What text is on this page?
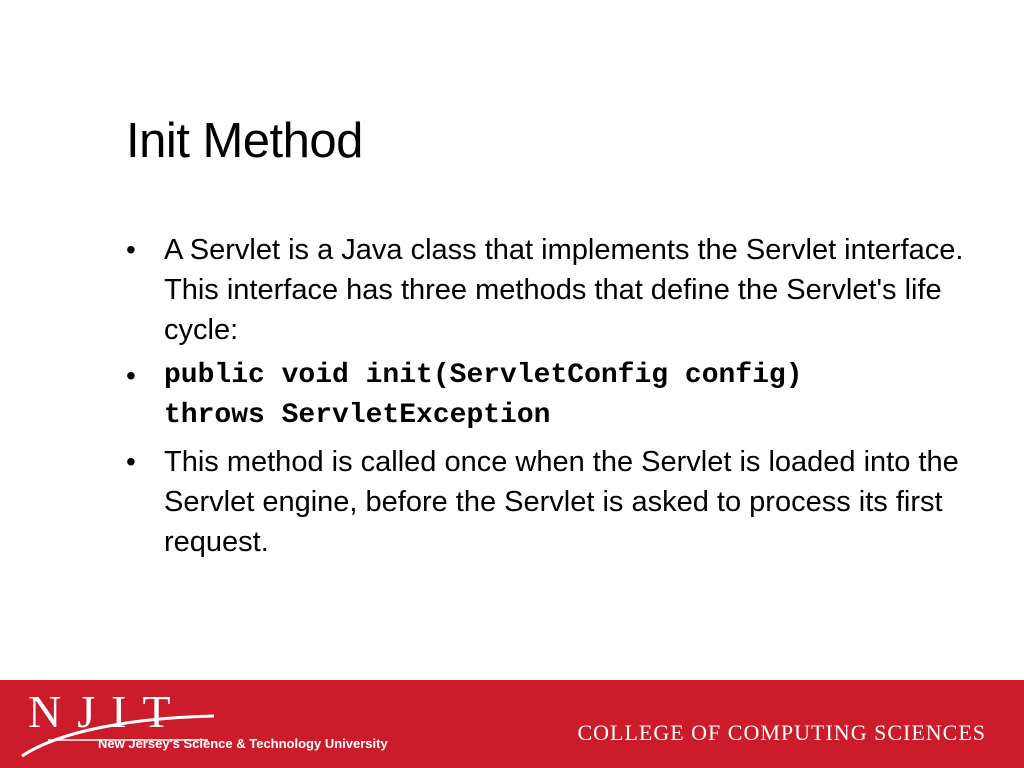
Init Method
• A Servlet is a Java class that implements the Servlet interface. This interface has three methods that define the Servlet's life cycle:
•	public void init(ServletConfig config)
throws ServletException
• This method is called once when the Servlet is loaded into the Servlet engine, before the Servlet is asked to process its first request.
NJIT
New Jersey's Science & Technology University	COLLEGE OF COMPUTING SCIENCES
